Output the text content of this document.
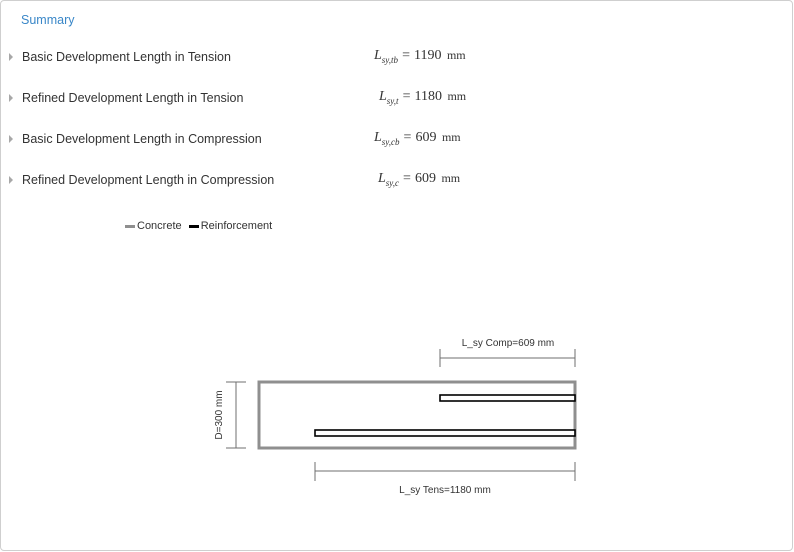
Summary
Basic Development Length in Tension	$L_{sy,tb} = 1190$ mm
Refined Development Length in Tension	$L_{sy,t} = 1180$ mm
Basic Development Length in Compression	$L_{sy,cb} = 609$ mm
Refined Development Length in Compression	$L_{sy,c} = 609$ mm
Concrete Reinforcement
D=300 mm
L_sy Comp=609 mm
L_sy Tens=1180 mm
